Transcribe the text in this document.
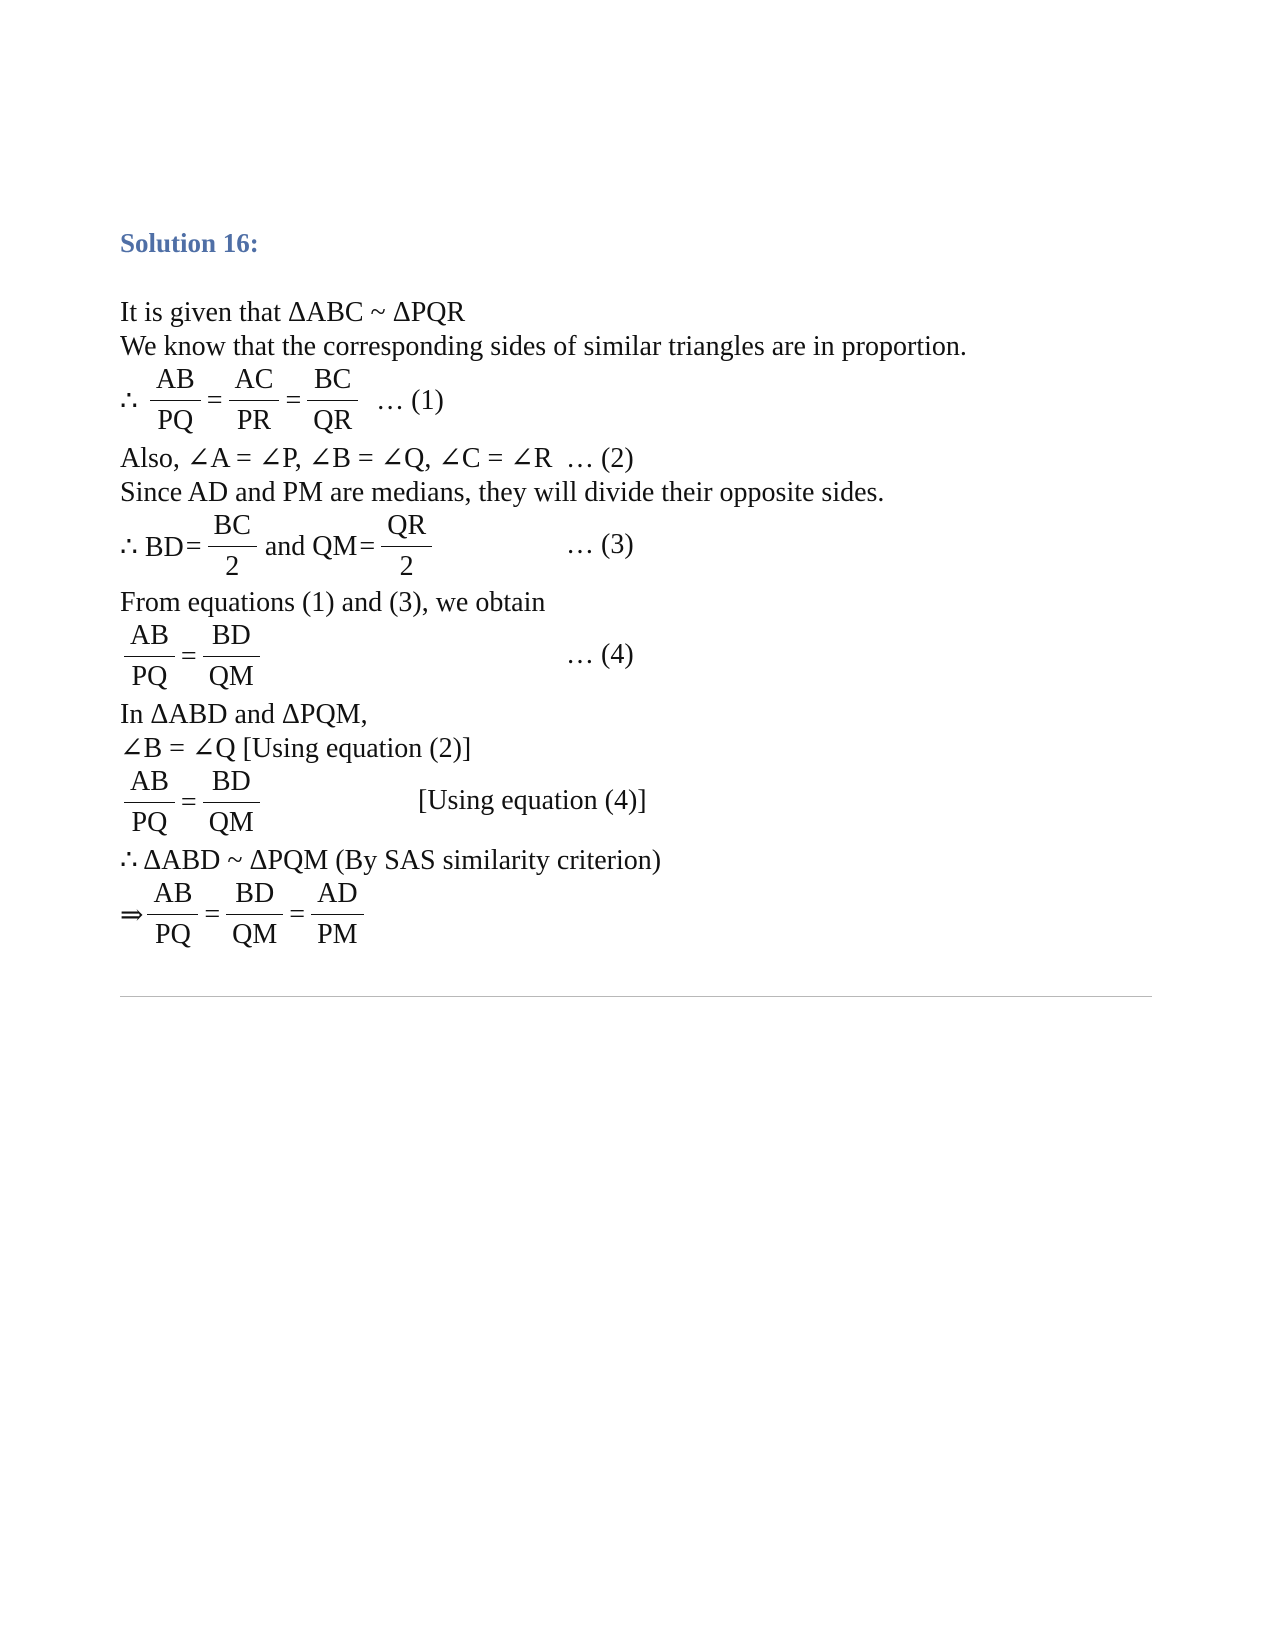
Solution 16:
It is given that ΔABC ~ ΔPQR
We know that the corresponding sides of similar triangles are in proportion.
∴ $\frac{AB}{PQ} = \frac{AC}{PR} = \frac{BC}{QR}$ … (1)
Also, ∠A = ∠P, ∠B = ∠Q, ∠C = ∠R … (2)
Since AD and PM are medians, they will divide their opposite sides.
∴ BD = $\frac{BC}{2}$ and QM = $\frac{QR}{2}$	… (3)
From equations (1) and (3), we obtain
$\frac{AB}{PQ} = \frac{BD}{QM}$	… (4)
In ΔABD and ΔPQM,
∠B = ∠Q [Using equation (2)]
$\frac{AB}{PQ} = \frac{BD}{QM}$	[Using equation (4)]
∴ ΔABD ~ ΔPQM (By SAS similarity criterion)
⇒ $\frac{AB}{PQ} = \frac{BD}{QM} = \frac{AD}{PM}$
